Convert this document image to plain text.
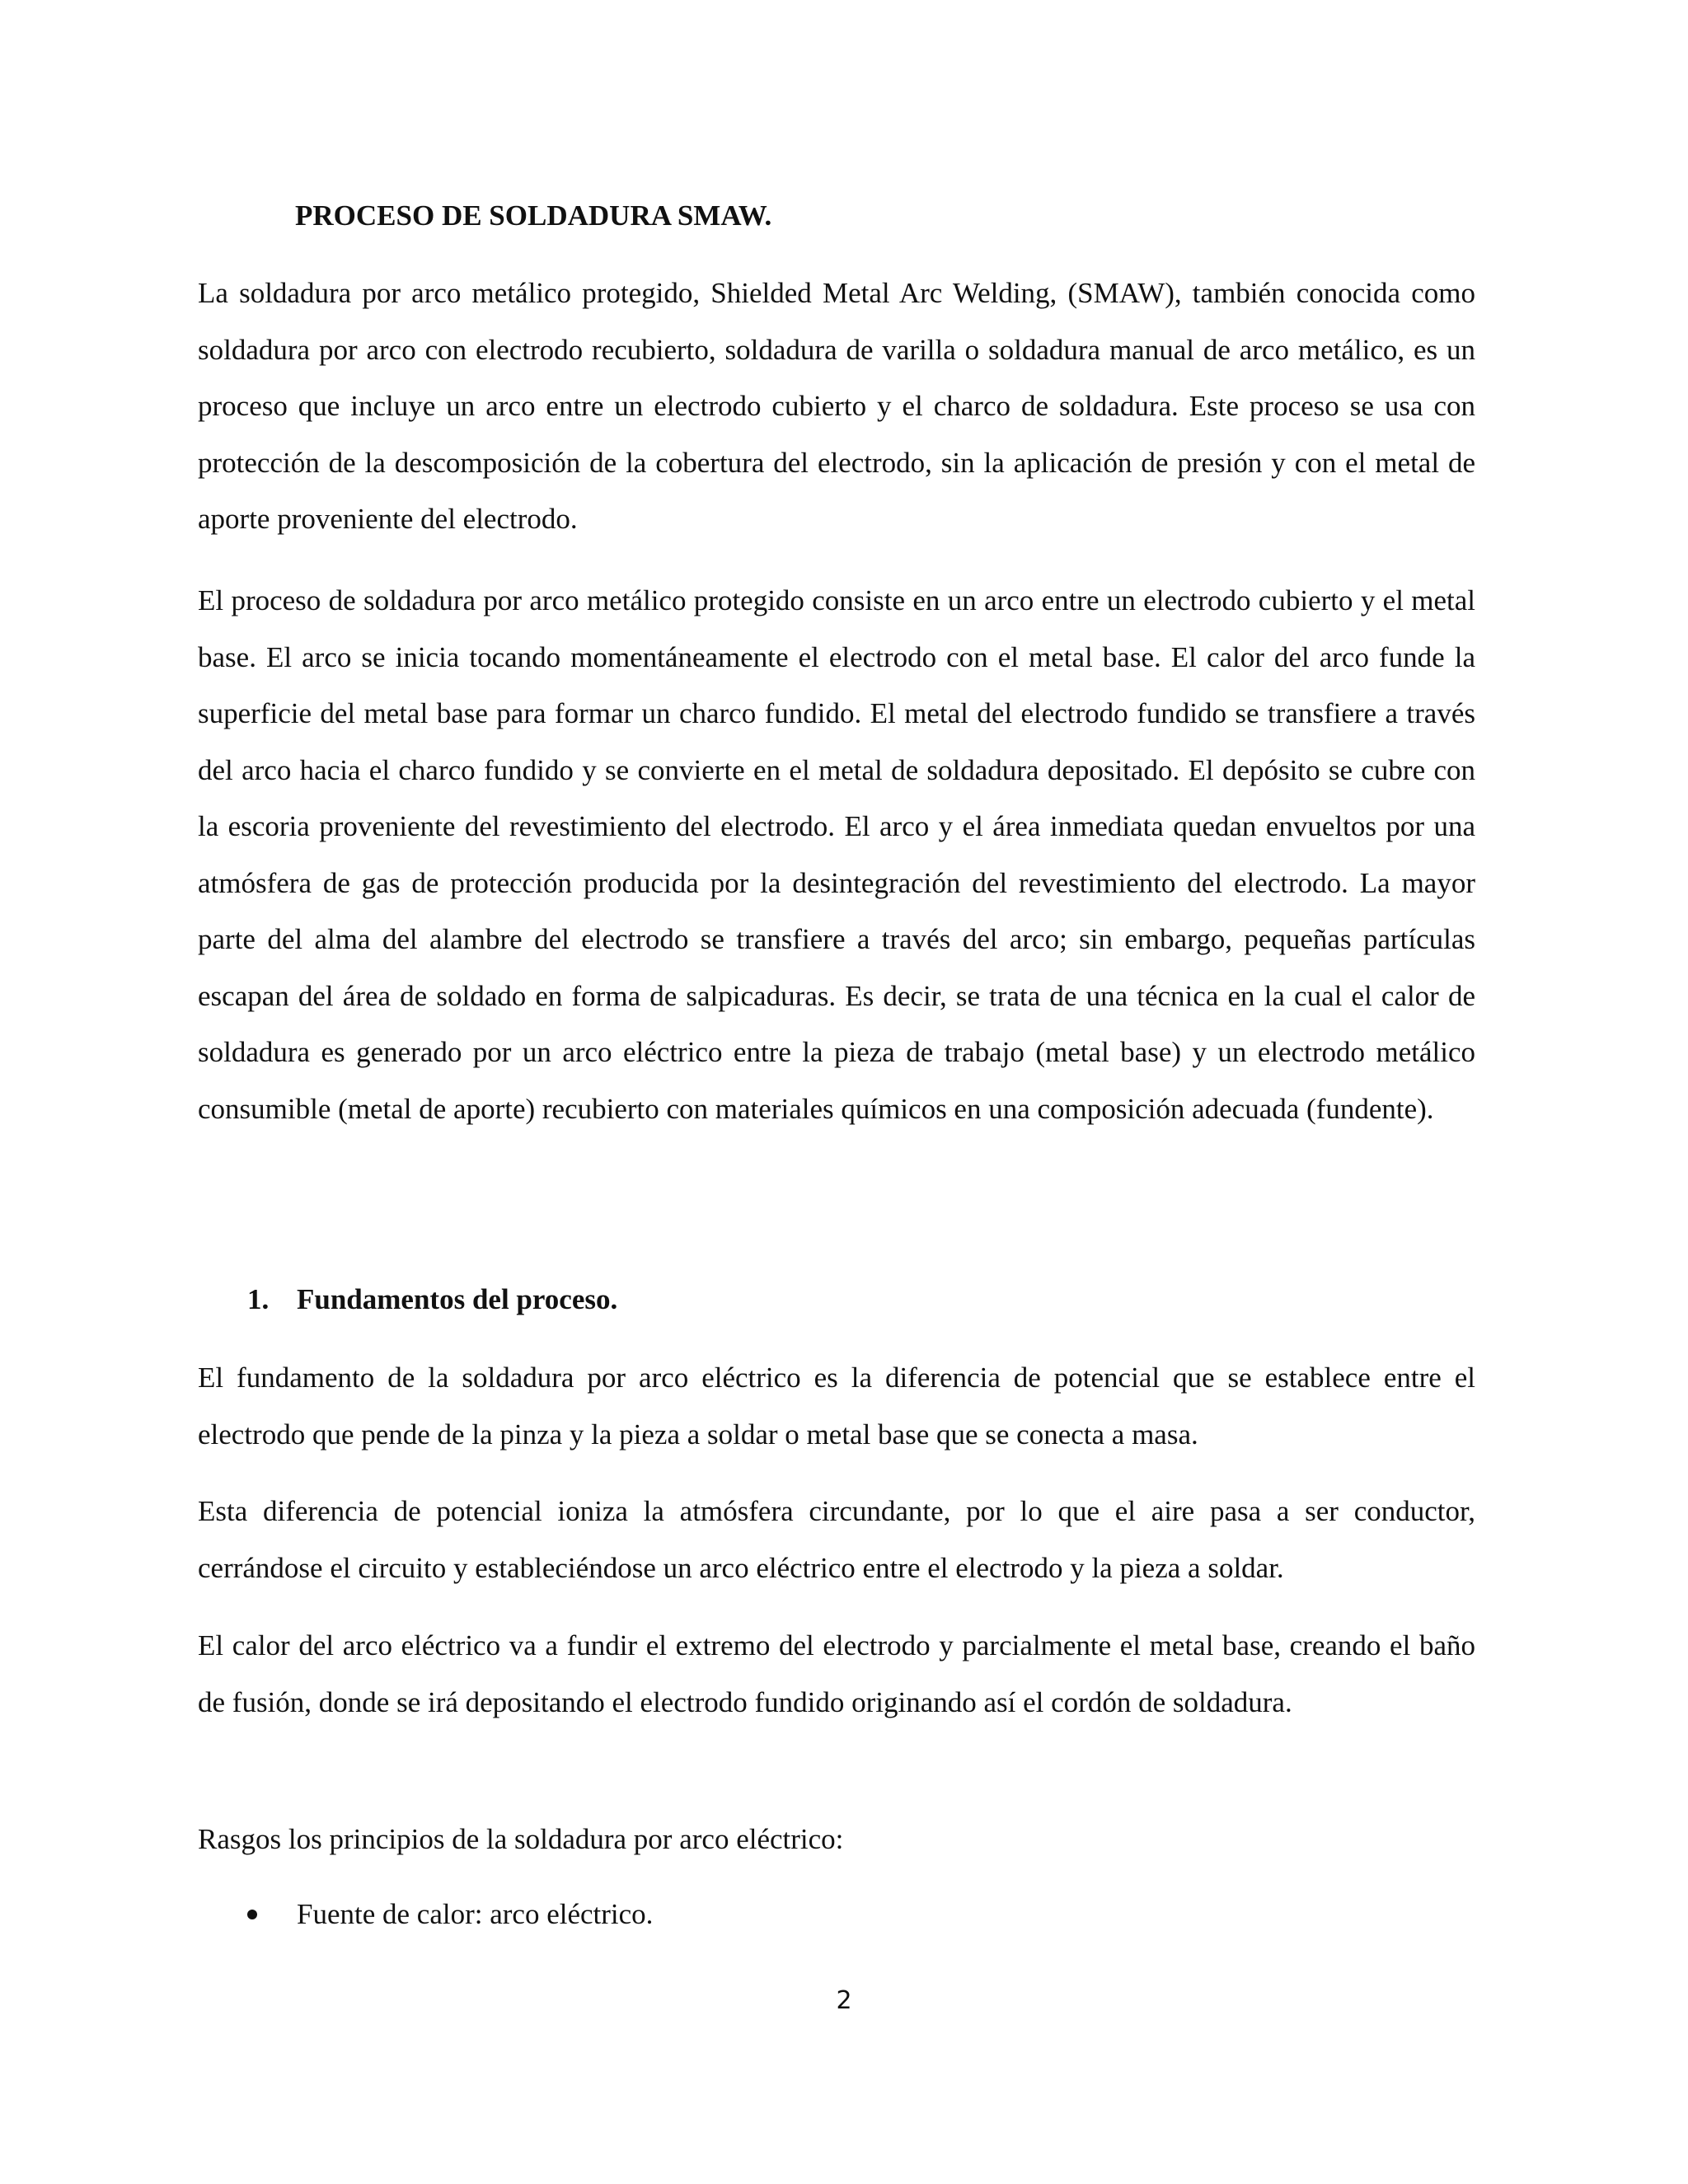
PROCESO DE SOLDADURA SMAW.

La soldadura por arco metálico protegido, Shielded Metal Arc Welding, (SMAW), también conocida como soldadura por arco con electrodo recubierto, soldadura de varilla o soldadura manual de arco metálico, es un proceso que incluye un arco entre un electrodo cubierto y el charco de soldadura. Este proceso se usa con protección de la descomposición de la cobertura del electrodo, sin la aplicación de presión y con el metal de aporte proveniente del electrodo.

El proceso de soldadura por arco metálico protegido consiste en un arco entre un electrodo cubierto y el metal base. El arco se inicia tocando momentáneamente el electrodo con el metal base. El calor del arco funde la superficie del metal base para formar un charco fundido. El metal del electrodo fundido se transfiere a través del arco hacia el charco fundido y se convierte en el metal de soldadura depositado. El depósito se cubre con la escoria proveniente del revestimiento del electrodo. El arco y el área inmediata quedan envueltos por una atmósfera de gas de protección producida por la desintegración del revestimiento del electrodo. La mayor parte del alma del alambre del electrodo se transfiere a través del arco; sin embargo, pequeñas partículas escapan del área de soldado en forma de salpicaduras. Es decir, se trata de una técnica en la cual el calor de soldadura es generado por un arco eléctrico entre la pieza de trabajo (metal base) y un electrodo metálico consumible (metal de aporte) recubierto con materiales químicos en una composición adecuada (fundente).

1. Fundamentos del proceso.

El fundamento de la soldadura por arco eléctrico es la diferencia de potencial que se establece entre el electrodo que pende de la pinza y la pieza a soldar o metal base que se conecta a masa.

Esta diferencia de potencial ioniza la atmósfera circundante, por lo que el aire pasa a ser conductor, cerrándose el circuito y estableciéndose un arco eléctrico entre el electrodo y la pieza a soldar.

El calor del arco eléctrico va a fundir el extremo del electrodo y parcialmente el metal base, creando el baño de fusión, donde se irá depositando el electrodo fundido originando así el cordón de soldadura.

Rasgos los principios de la soldadura por arco eléctrico:

Fuente de calor: arco eléctrico.

2
